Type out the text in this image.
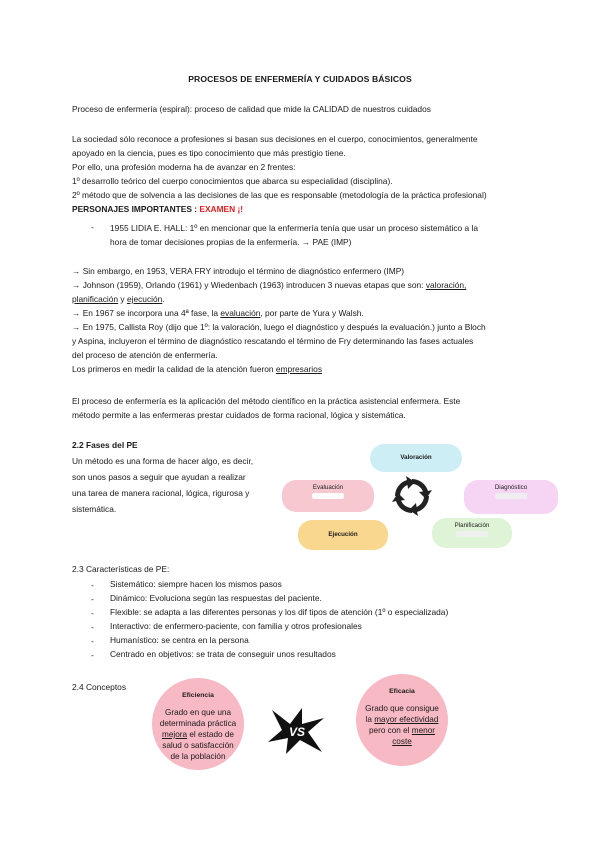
PROCESOS DE ENFERMERÍA Y CUIDADOS BÁSICOS
Proceso de enfermería (espiral): proceso de calidad que mide la CALIDAD de nuestros cuidados
La sociedad sólo reconoce a profesiones si basan sus decisiones en el cuerpo, conocimientos, generalmente
apoyado en la ciencia, pues es tipo conocimiento que más prestigio tiene.
Por ello, una profesión moderna ha de avanzar en 2 frentes:
1º desarrollo teórico del cuerpo conocimientos que abarca su especialidad (disciplina).
2º método que de solvencia a las decisiones de las que es responsable (metodología de la práctica profesional)
PERSONAJES IMPORTANTES : EXAMEN ¡!
- 1955 LIDIA E. HALL: 1º en mencionar que la enfermería tenía que usar un proceso sistemático a la
hora de tomar decisiones propias de la enfermería. → PAE (IMP)
→ Sin embargo, en 1953, VERA FRY introdujo el término de diagnóstico enfermero (IMP)
→ Johnson (1959), Orlando (1961) y Wiedenbach (1963) introducen 3 nuevas etapas que son: valoración,
planificación y ejecución.
→ En 1967 se incorpora una 4ª fase, la evaluación, por parte de Yura y Walsh.
→ En 1975, Callista Roy (dijo que 1º: la valoración, luego el diagnóstico y después la evaluación.) junto a Bloch
y Aspina, incluyeron el término de diagnóstico rescatando el término de Fry determinando las fases actuales
del proceso de atención de enfermería.
Los primeros en medir la calidad de la atención fueron empresarios
El proceso de enfermería es la aplicación del método científico en la práctica asistencial enfermera. Este
método permite a las enfermeras prestar cuidados de forma racional, lógica y sistemática.
2.2 Fases del PE
Un método es una forma de hacer algo, es decir,
son unos pasos a seguir que ayudan a realizar
una tarea de manera racional, lógica, rigurosa y
sistemática.
Valoración
Diagnóstico
Planificación
Ejecución
Evaluación
2.3 Características de PE:
- Sistemático: siempre hacen los mismos pasos
- Dinámico: Evoluciona según las respuestas del paciente.
- Flexible: se adapta a las diferentes personas y los dif tipos de atención (1º o especializada)
- Interactivo: de enfermero-paciente, con familia y otros profesionales
- Humanístico: se centra en la persona
- Centrado en objetivos: se trata de conseguir unos resultados
2.4 Conceptos
Eficiencia
Grado en que una determinada práctica mejora el estado de salud o satisfacción de la población
VS
Eficacia
Grado que consigue la mayor efectividad pero con el menor coste
